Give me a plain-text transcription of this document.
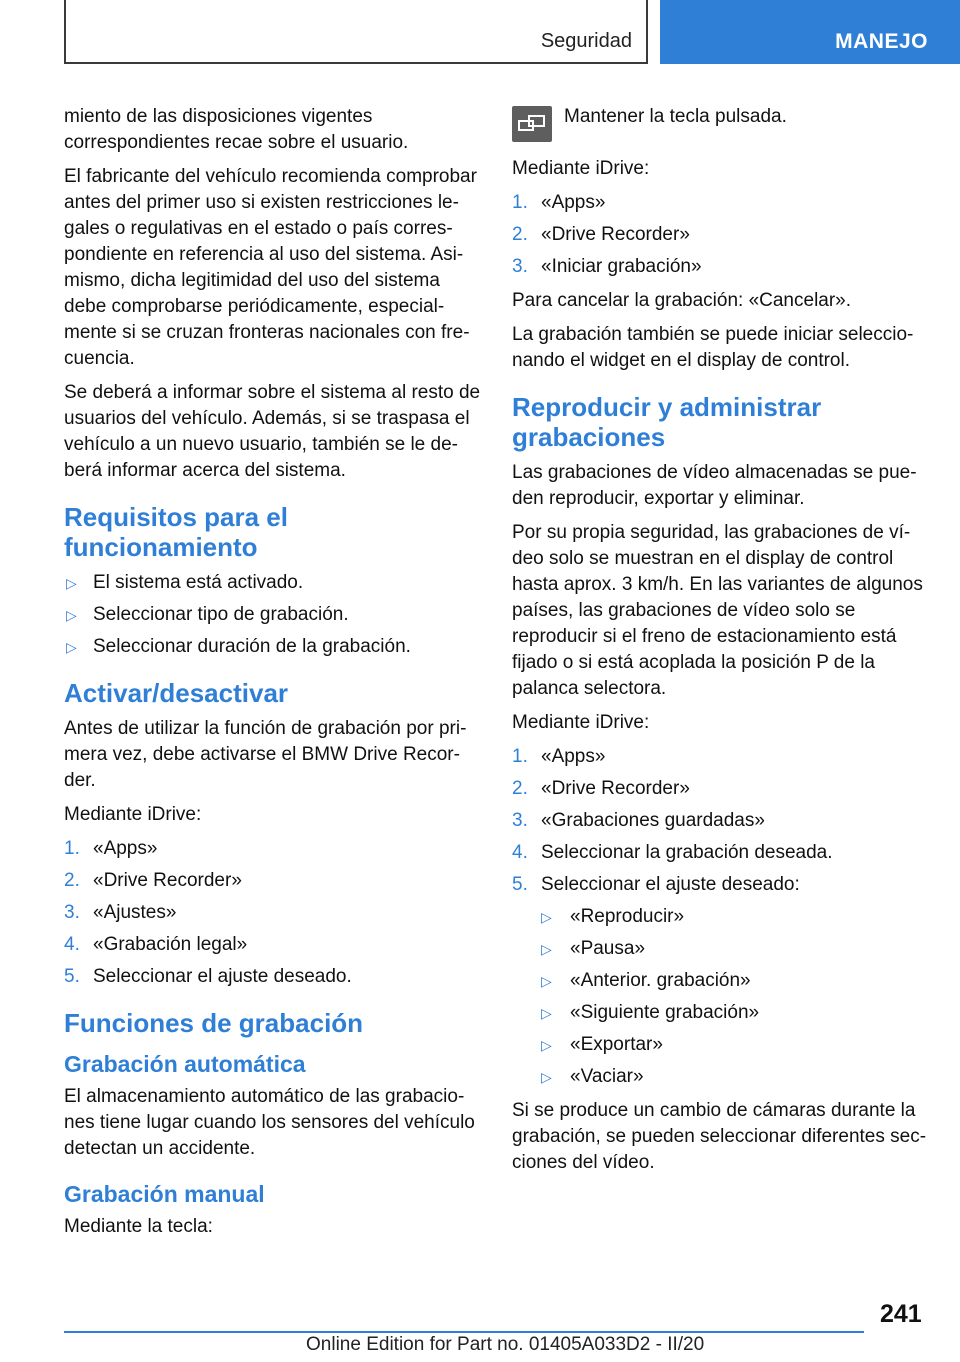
Seguridad	MANEJO

miento de las disposiciones vigentes correspondientes recae sobre el usuario.

El fabricante del vehículo recomienda comprobar antes del primer uso si existen restricciones legales o regulativas en el estado o país correspondiente en referencia al uso del sistema. Asimismo, dicha legitimidad del uso del sistema debe comprobarse periódicamente, especialmente si se cruzan fronteras nacionales con frecuencia.

Se deberá a informar sobre el sistema al resto de usuarios del vehículo. Además, si se traspasa el vehículo a un nuevo usuario, también se le deberá informar acerca del sistema.

Requisitos para el funcionamiento
▷ El sistema está activado.
▷ Seleccionar tipo de grabación.
▷ Seleccionar duración de la grabación.
Activar/desactivar

Antes de utilizar la función de grabación por primera vez, debe activarse el BMW Drive Recorder.

Mediante iDrive:

1. «Apps»
2. «Drive Recorder»
3. «Ajustes»
4. «Grabación legal»
5. Seleccionar el ajuste deseado.
Funciones de grabación
Grabación automática

El almacenamiento automático de las grabaciones tiene lugar cuando los sensores del vehículo detectan un accidente.

Grabación manual

Mediante la tecla:

Mantener la tecla pulsada.

Mediante iDrive:

1. «Apps»
2. «Drive Recorder»
3. «Iniciar grabación»

Para cancelar la grabación: «Cancelar».

La grabación también se puede iniciar seleccionando el widget en el display de control.

Reproducir y administrar grabaciones

Las grabaciones de vídeo almacenadas se pueden reproducir, exportar y eliminar.

Por su propia seguridad, las grabaciones de vídeo solo se muestran en el display de control hasta aprox. 3 km/h. En las variantes de algunos países, las grabaciones de vídeo solo se reproducir si el freno de estacionamiento está fijado o si está acoplada la posición P de la palanca selectora.

Mediante iDrive:

1. «Apps»
2. «Drive Recorder»
3. «Grabaciones guardadas»
4. Seleccionar la grabación deseada.
5. Seleccionar el ajuste deseado:
▷ «Reproducir»
▷ «Pausa»
▷ «Anterior. grabación»
▷ «Siguiente grabación»
▷ «Exportar»
▷ «Vaciar»

Si se produce un cambio de cámaras durante la grabación, se pueden seleccionar diferentes secciones del vídeo.

241
Online Edition for Part no. 01405A033D2 - II/20
